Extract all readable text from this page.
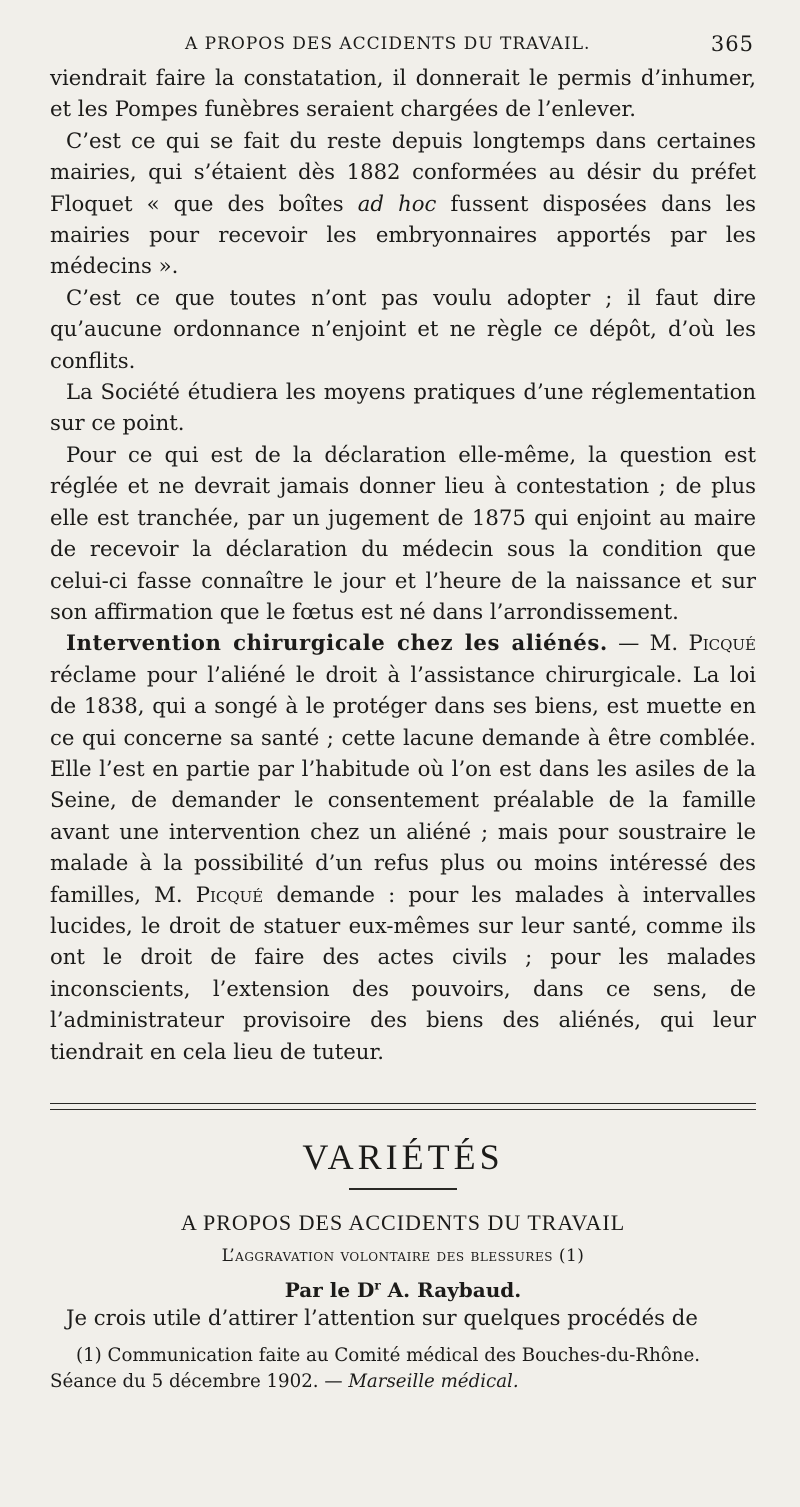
A PROPOS DES ACCIDENTS DU TRAVAIL.	365

viendrait faire la constatation, il donnerait le permis d’inhumer, et les Pompes funèbres seraient chargées de l’enlever.

C’est ce qui se fait du reste depuis longtemps dans certaines mairies, qui s’étaient dès 1882 conformées au désir du préfet Floquet « que des boîtes ad hoc fussent disposées dans les mairies pour recevoir les embryonnaires apportés par les médecins ».

C’est ce que toutes n’ont pas voulu adopter ; il faut dire qu’aucune ordonnance n’enjoint et ne règle ce dépôt, d’où les conflits.

La Société étudiera les moyens pratiques d’une réglementation sur ce point.

Pour ce qui est de la déclaration elle-même, la question est réglée et ne devrait jamais donner lieu à contestation ; de plus elle est tranchée, par un jugement de 1875 qui enjoint au maire de recevoir la déclaration du médecin sous la condition que celui-ci fasse connaître le jour et l’heure de la naissance et sur son affirmation que le fœtus est né dans l’arrondissement.

Intervention chirurgicale chez les aliénés. — M. Picqué réclame pour l’aliéné le droit à l’assistance chirurgicale. La loi de 1838, qui a songé à le protéger dans ses biens, est muette en ce qui concerne sa santé ; cette lacune demande à être comblée. Elle l’est en partie par l’habitude où l’on est dans les asiles de la Seine, de demander le consentement préalable de la famille avant une intervention chez un aliéné ; mais pour soustraire le malade à la possibilité d’un refus plus ou moins intéressé des familles, M. Picqué demande : pour les malades à intervalles lucides, le droit de statuer eux-mêmes sur leur santé, comme ils ont le droit de faire des actes civils ; pour les malades inconscients, l’extension des pouvoirs, dans ce sens, de l’administrateur provisoire des biens des aliénés, qui leur tiendrait en cela lieu de tuteur.

VARIÉTÉS
A PROPOS DES ACCIDENTS DU TRAVAIL
L’aggravation volontaire des blessures (1)
Par le $D^r$ A. Raybaud.

Je crois utile d’attirer l’attention sur quelques procédés de

(1) Communication faite au Comité médical des Bouches-du-Rhône.

Séance du 5 décembre 1902. — Marseille médical.
